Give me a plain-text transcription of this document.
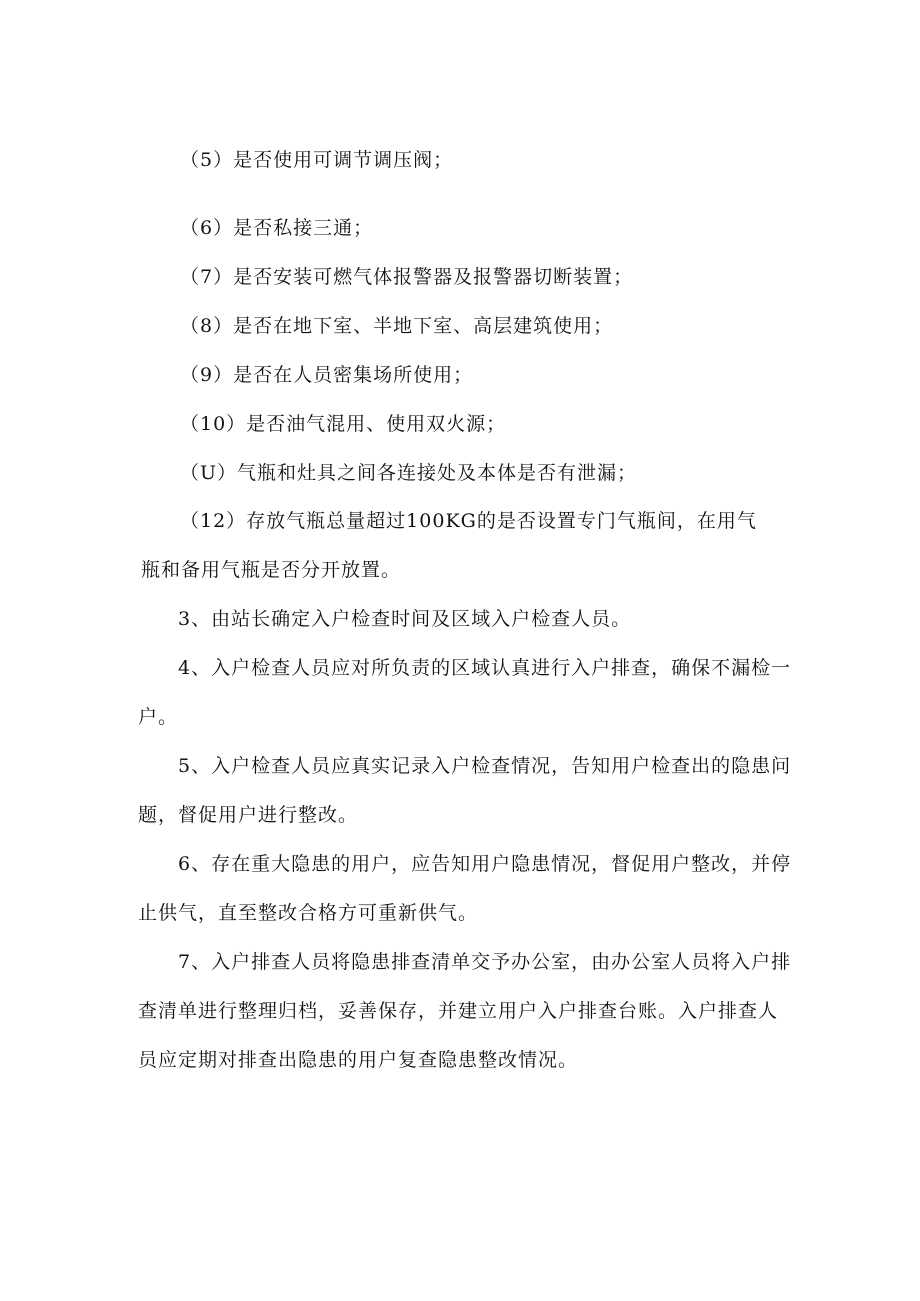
（5）是否使用可调节调压阀；
（6）是否私接三通；
（7）是否安装可燃气体报警器及报警器切断装置；
（8）是否在地下室、半地下室、高层建筑使用；
（9）是否在人员密集场所使用；
（10）是否油气混用、使用双火源；
（U）气瓶和灶具之间各连接处及本体是否有泄漏；
（12）存放气瓶总量超过100KG的是否设置专门气瓶间，在用气
瓶和备用气瓶是否分开放置。
3、由站长确定入户检查时间及区域入户检查人员。
4、入户检查人员应对所负责的区域认真进行入户排查，确保不漏检一
户。
5、入户检查人员应真实记录入户检查情况，告知用户检查出的隐患问
题，督促用户进行整改。
6、存在重大隐患的用户，应告知用户隐患情况，督促用户整改，并停
止供气，直至整改合格方可重新供气。
7、入户排查人员将隐患排查清单交予办公室，由办公室人员将入户排
查清单进行整理归档，妥善保存，并建立用户入户排查台账。入户排查人
员应定期对排查出隐患的用户复查隐患整改情况。
